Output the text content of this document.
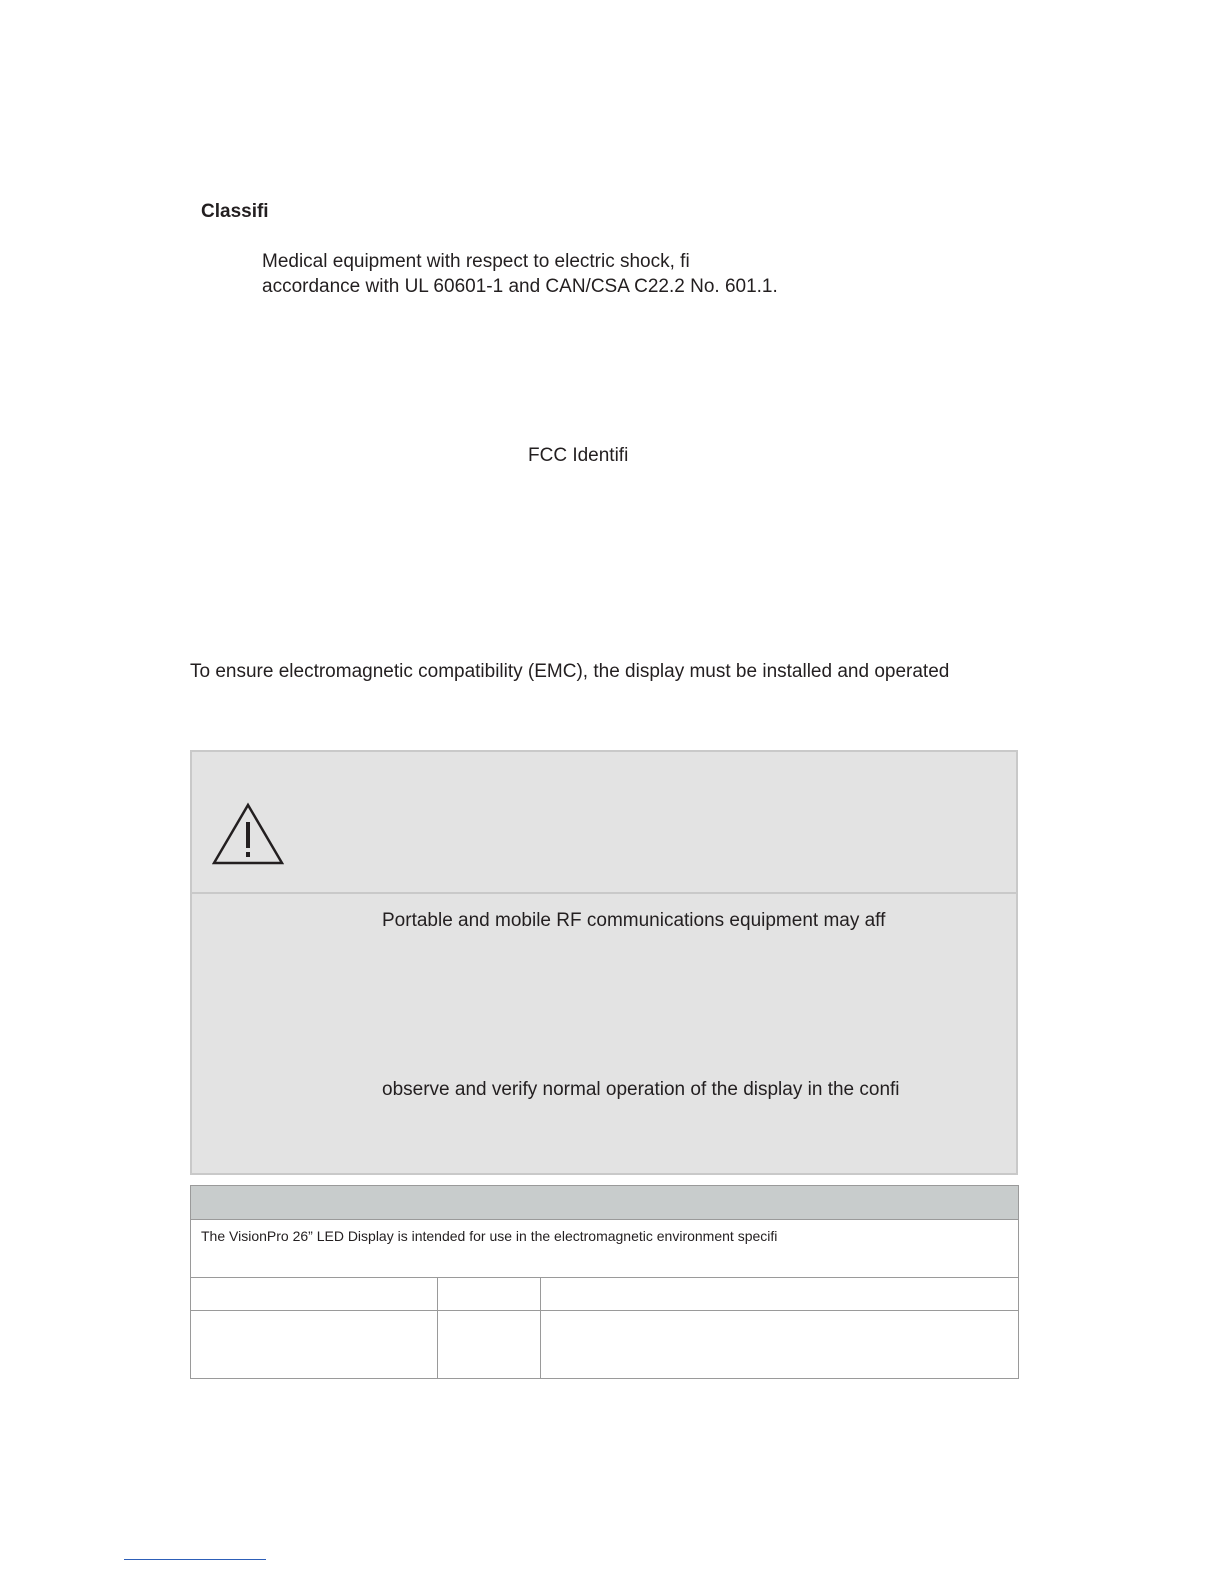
Classifi
Medical equipment with respect to electric shock, fi
accordance with UL 60601-1 and CAN/CSA C22.2 No. 601.1.
FCC Identifi
To ensure electromagnetic compatibility (EMC), the display must be installed and operated
Portable and mobile RF communications equipment may aff
observe and verify normal operation of the display in the confi

The VisionPro 26” LED Display is intended for use in the electromagnetic environment specifi		
